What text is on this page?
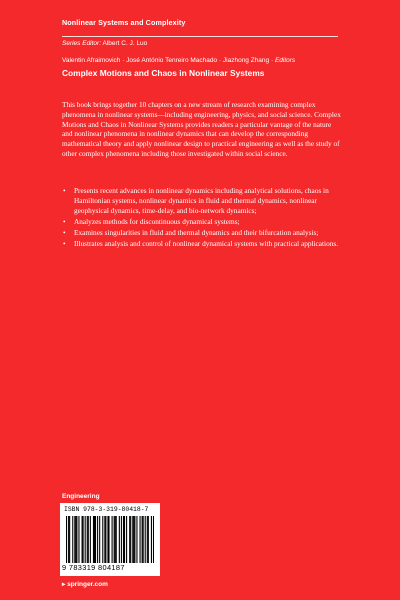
Nonlinear Systems and Complexity
Series Editor: Albert C. J. Luo
Valentin Afraimovich · José António Tenreiro Machado · Jiazhong Zhang · Editors
Complex Motions and Chaos in Nonlinear Systems

This book brings together 10 chapters on a new stream of research examining complex phenomena in nonlinear systems—including engineering, physics, and social science. Complex Motions and Chaos in Nonlinear Systems provides readers a particular vantage of the nature and nonlinear phenomena in nonlinear dynamics that can develop the corresponding mathematical theory and apply nonlinear design to practical engineering as well as the study of other complex phenomena including those investigated within social science.

• Presents recent advances in nonlinear dynamics including analytical solutions, chaos in Hamiltonian systems, nonlinear dynamics in fluid and thermal dynamics, nonlinear geophysical dynamics, time-delay, and bio-network dynamics;
• Analyzes methods for discontinuous dynamical systems;
• Examines singularities in fluid and thermal dynamics and their bifurcation analysis;
• Illustrates analysis and control of nonlinear dynamical systems with practical applications.
Engineering
ISBN 978-3-319-80418-7
9 783319 804187
▸ springer.com
